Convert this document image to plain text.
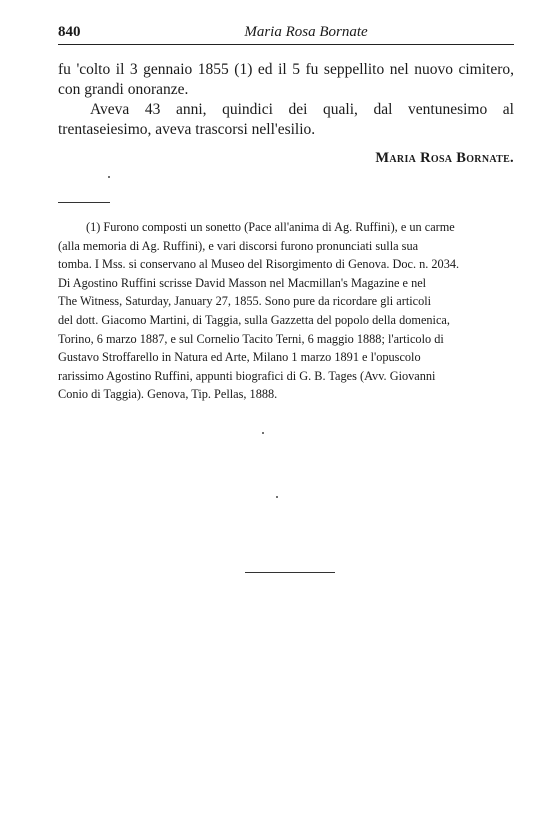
840	Maria Rosa Bornate

fu 'colto il 3 gennaio 1855 (1) ed il 5 fu seppellito nel nuovo cimitero, con grandi onoranze.

Aveva 43 anni, quindici dei quali, dal ventunesimo al trentaseiesimo, aveva trascorsi nell'esilio.

Maria Rosa Bornate.
(1) Furono composti un sonetto (Pace all'anima di Ag. Ruffini), e un carme
(alla memoria di Ag. Ruffini), e vari discorsi furono pronunciati sulla sua
tomba. I Mss. si conservano al Museo del Risorgimento di Genova. Doc. n. 2034.
Di Agostino Ruffini scrisse David Masson nel Macmillan's Magazine e nel
The Witness, Saturday, January 27, 1855. Sono pure da ricordare gli articoli
del dott. Giacomo Martini, di Taggia, sulla Gazzetta del popolo della domenica,
Torino, 6 marzo 1887, e sul Cornelio Tacito Terni, 6 maggio 1888; l'articolo di
Gustavo Stroffarello in Natura ed Arte, Milano 1 marzo 1891 e l'opuscolo
rarissimo Agostino Ruffini, appunti biografici di G. B. Tages (Avv. Giovanni
Conio di Taggia). Genova, Tip. Pellas, 1888.
